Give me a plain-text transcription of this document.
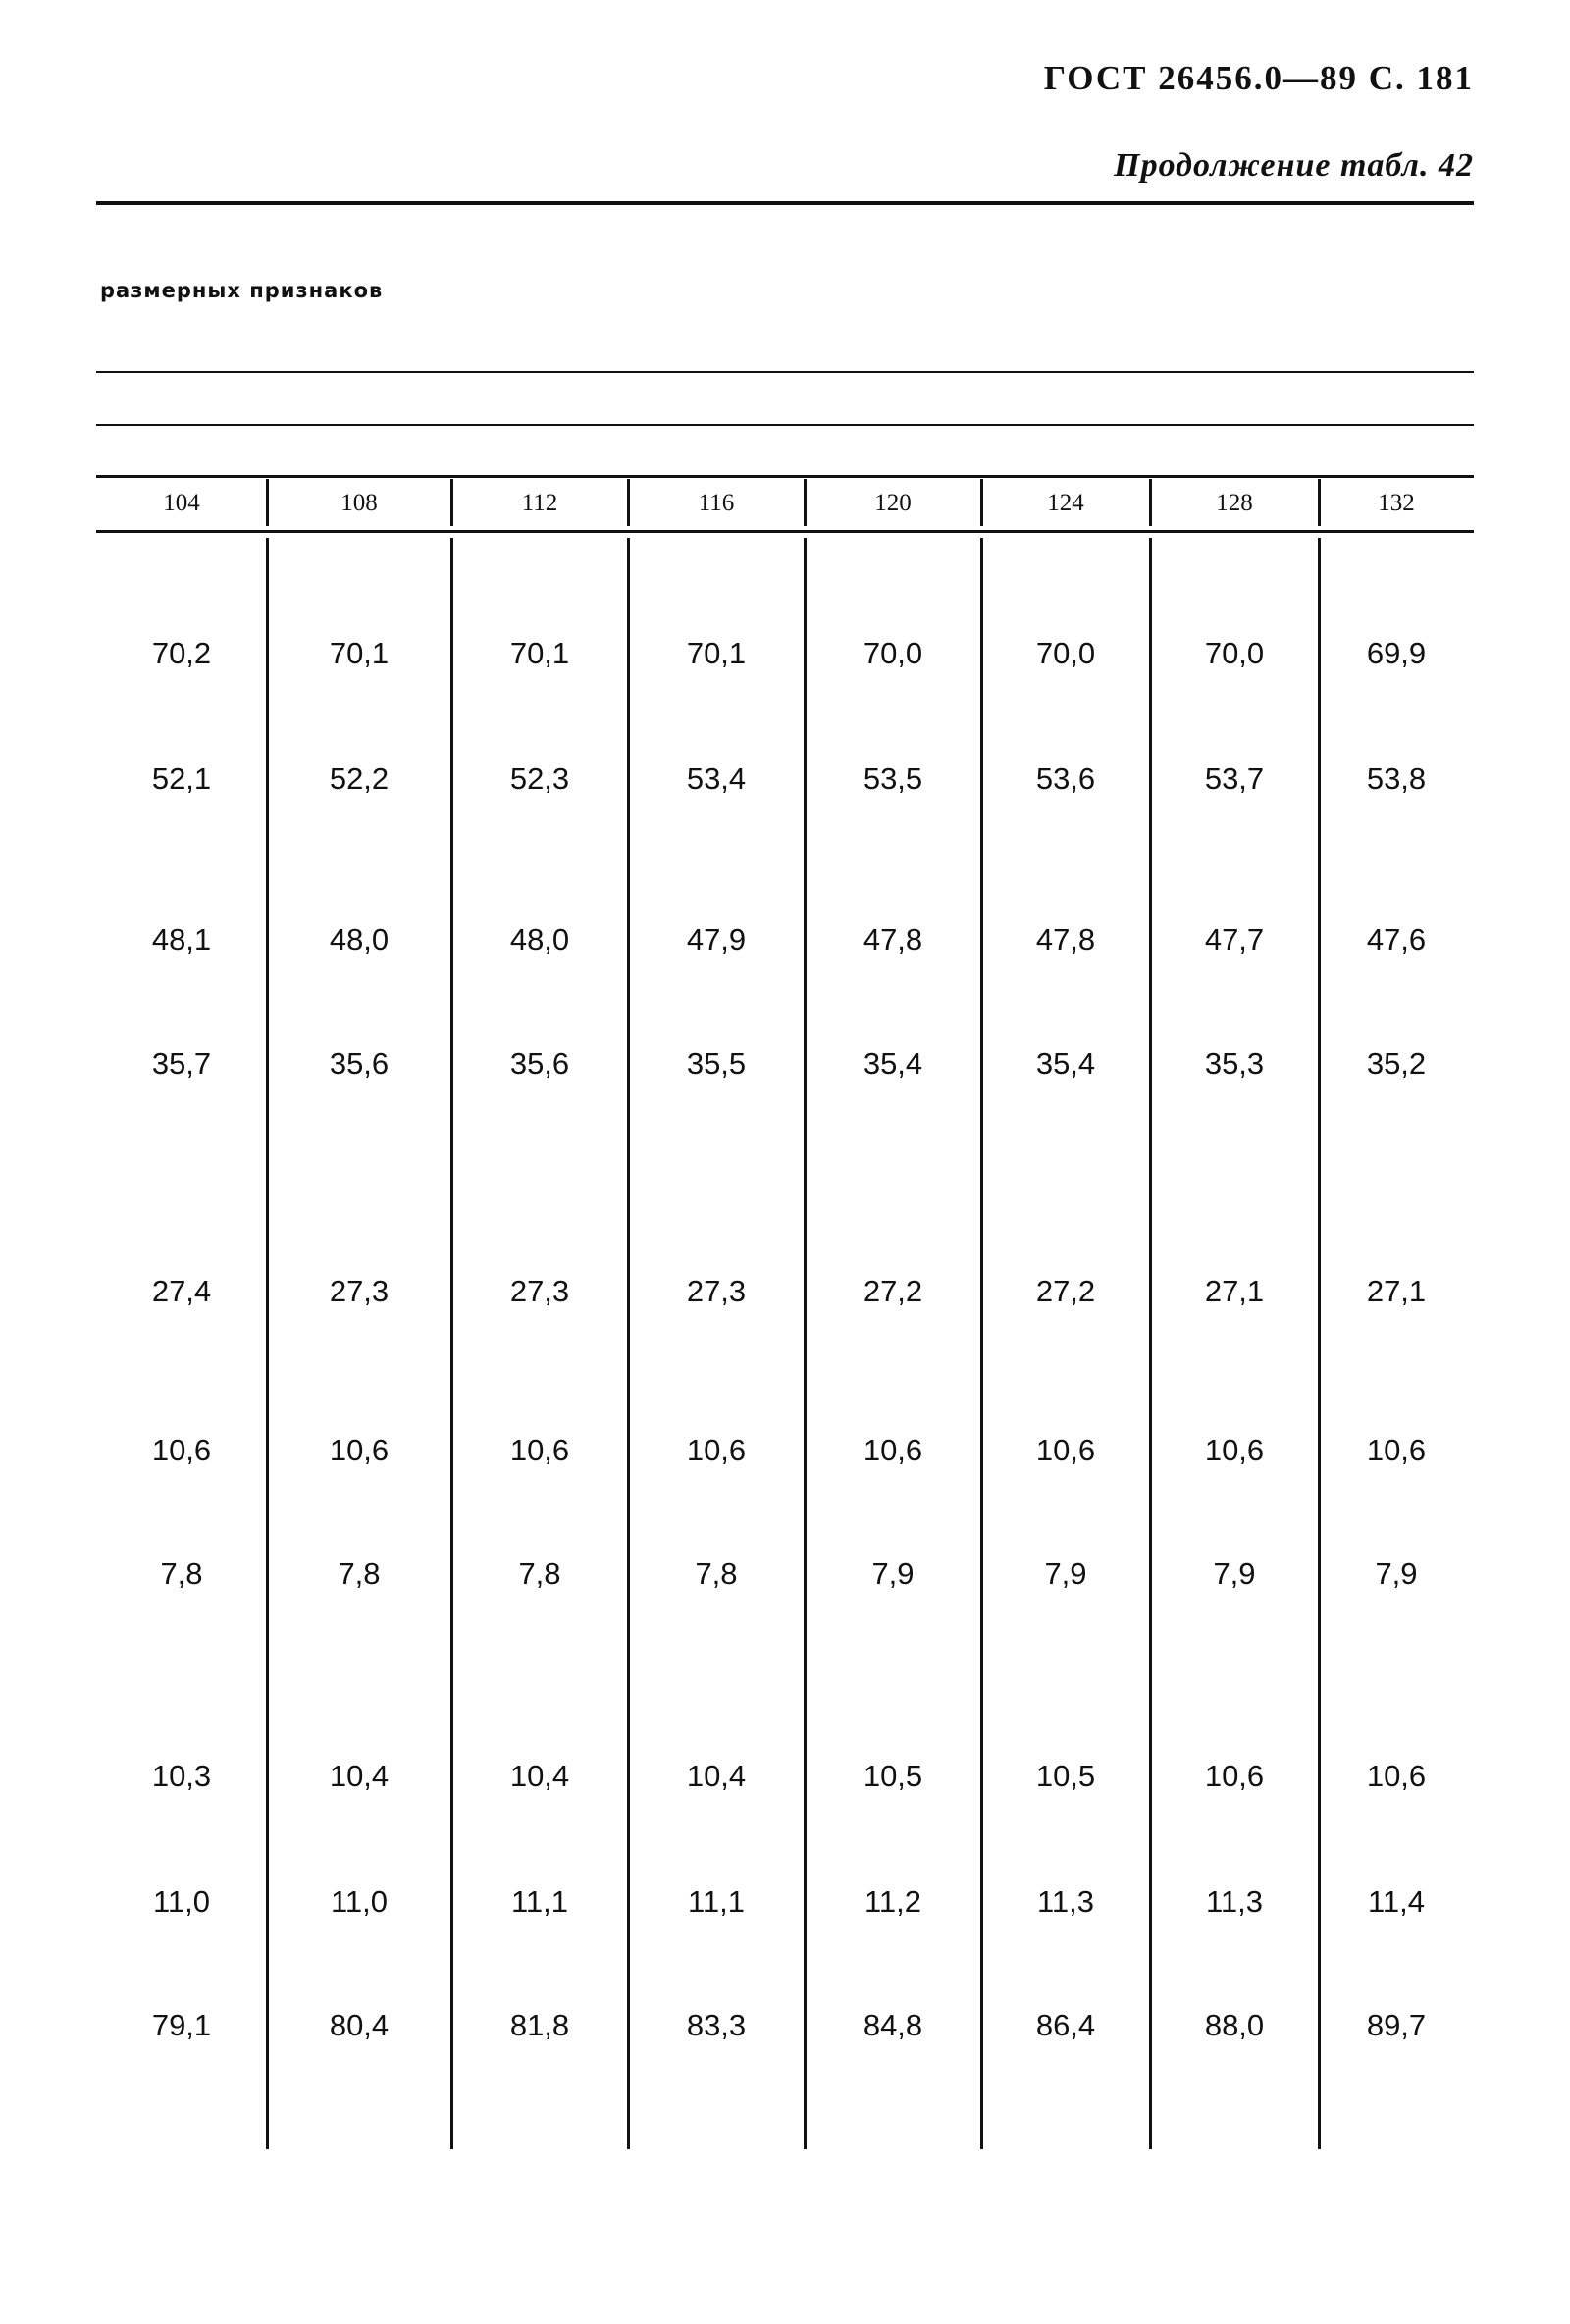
ГОСТ 26456.0—89 С. 181
Продолжение табл. 42
размерных признаков
104	108	112	116	120	124	128	132
70,2	70,1	70,1	70,1	70,0	70,0	70,0	69,9
52,1	52,2	52,3	53,4	53,5	53,6	53,7	53,8
48,1	48,0	48,0	47,9	47,8	47,8	47,7	47,6
35,7	35,6	35,6	35,5	35,4	35,4	35,3	35,2
27,4	27,3	27,3	27,3	27,2	27,2	27,1	27,1
10,6	10,6	10,6	10,6	10,6	10,6	10,6	10,6
7,8	7,8	7,8	7,8	7,9	7,9	7,9	7,9
10,3	10,4	10,4	10,4	10,5	10,5	10,6	10,6
11,0	11,0	11,1	11,1	11,2	11,3	11,3	11,4
79,1	80,4	81,8	83,3	84,8	86,4	88,0	89,7
